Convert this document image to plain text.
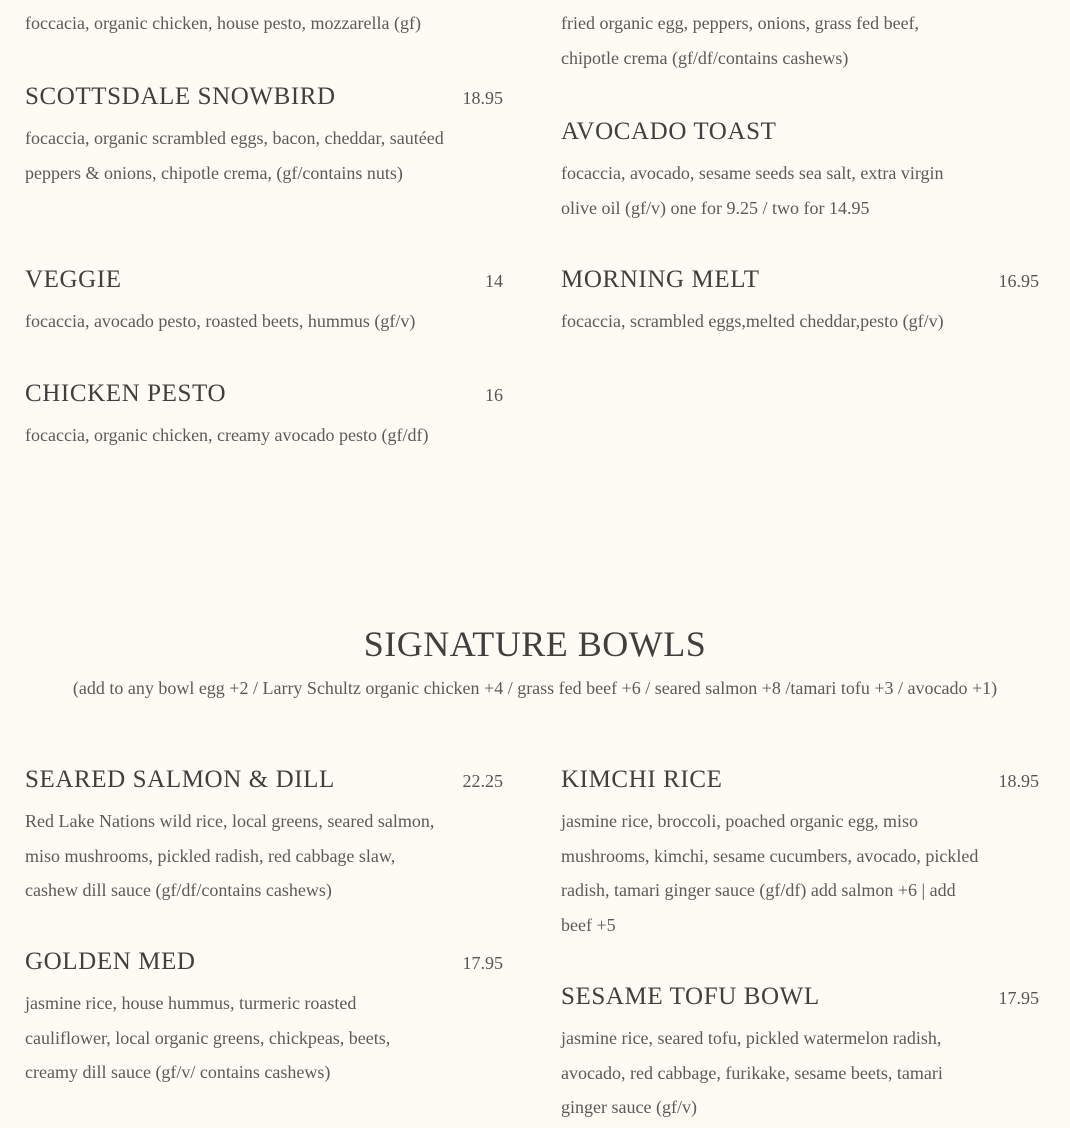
foccacia, organic chicken, house pesto, mozzarella (gf)	fried organic egg, peppers, onions, grass fed beef, chipotle crema (gf/df/contains cashews)
SCOTTSDALE SNOWBIRD	18.95
focaccia, organic scrambled eggs, bacon, cheddar, sautéed peppers & onions, chipotle crema, (gf/contains nuts)
VEGGIE	14
focaccia, avocado pesto, roasted beets, hummus (gf/v)
CHICKEN PESTO	16
focaccia, organic chicken, creamy avocado pesto (gf/df)
AVOCADO TOAST
focaccia, avocado, sesame seeds sea salt, extra virgin olive oil (gf/v) one for 9.25 / two for 14.95
MORNING MELT	16.95
focaccia, scrambled eggs,melted cheddar,pesto (gf/v)
SIGNATURE BOWLS
(add to any bowl egg +2 / Larry Schultz organic chicken +4 / grass fed beef +6 / seared salmon +8 /tamari tofu +3 / avocado +1)
SEARED SALMON & DILL	22.25
Red Lake Nations wild rice, local greens, seared salmon, miso mushrooms, pickled radish, red cabbage slaw, cashew dill sauce (gf/df/contains cashews)
GOLDEN MED	17.95
jasmine rice, house hummus, turmeric roasted cauliflower, local organic greens, chickpeas, beets, creamy dill sauce (gf/v/ contains cashews)
KIMCHI RICE	18.95
jasmine rice, broccoli, poached organic egg, miso mushrooms, kimchi, sesame cucumbers, avocado, pickled radish, tamari ginger sauce (gf/df) add salmon +6 | add beef +5
SESAME TOFU BOWL	17.95
jasmine rice, seared tofu, pickled watermelon radish, avocado, red cabbage, furikake, sesame beets, tamari ginger sauce (gf/v)
